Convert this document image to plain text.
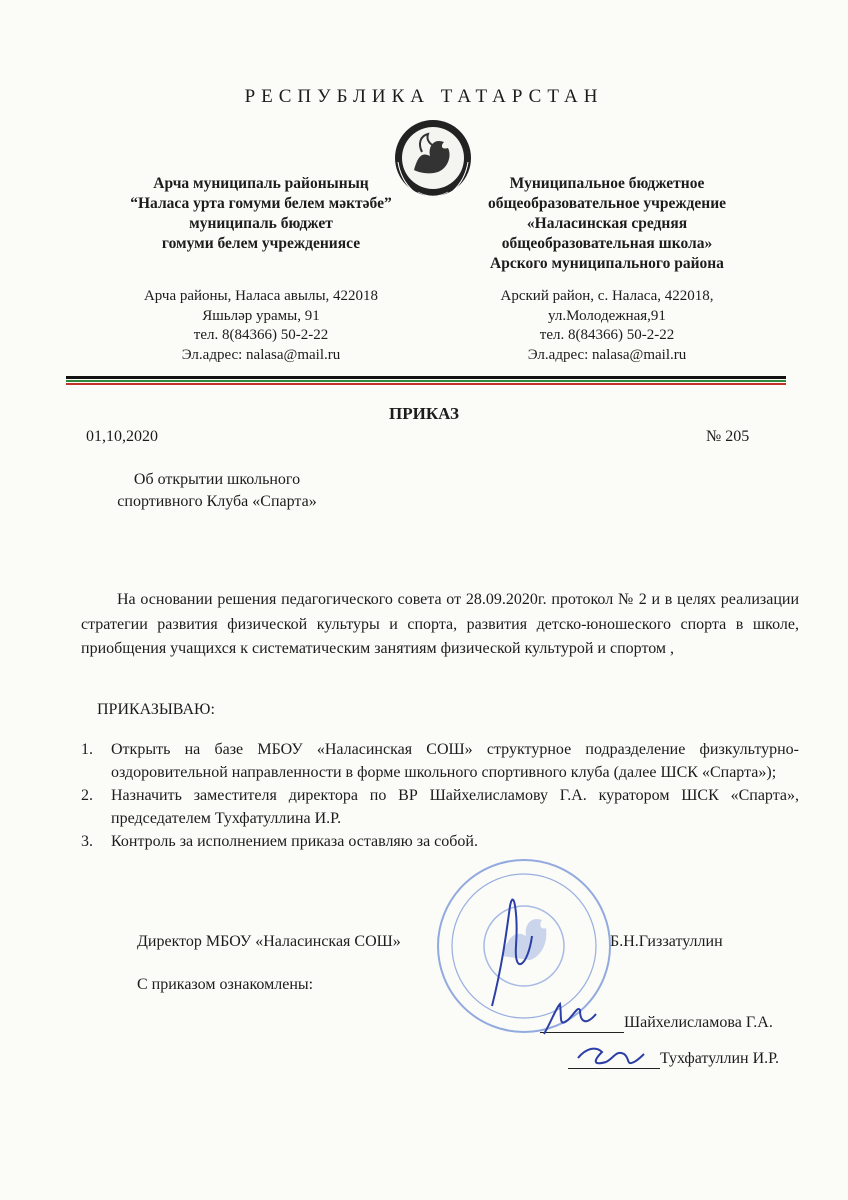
РЕСПУБЛИКА ТАТАРСТАН
Арча муниципаль районының
“Наласа урта гомуми белем мәктәбе”
муниципаль бюджет
гомуми белем учреждениясе
Муниципальное бюджетное
общеобразовательное учреждение
«Наласинская средняя
общеобразовательная школа»
Арского муниципального района
Арча районы, Наласа авылы, 422018
Яшьләр урамы, 91
тел. 8(84366) 50-2-22
Эл.адрес: nalasa@mail.ru
Арский район, с. Наласа, 422018,
ул.Молодежная,91
тел. 8(84366) 50-2-22
Эл.адрес: nalasa@mail.ru
ПРИКАЗ
01,10,2020	№ 205
Об открытии школьного
спортивного Клуба «Спарта»
На основании решения педагогического совета от 28.09.2020г. протокол № 2 и в целях реализации стратегии развития физической культуры и спорта, развития детско-юношеского спорта в школе, приобщения учащихся к систематическим занятиям физической культурой и спортом ,
ПРИКАЗЫВАЮ:
1.	Открыть на базе МБОУ «Наласинская СОШ» структурное подразделение физкультурно-оздоровительной направленности в форме школьного спортивного клуба (далее ШСК «Спарта»);
2.	Назначить заместителя директора по ВР Шайхелисламову Г.А. куратором ШСК «Спарта», председателем Тухфатуллина И.Р.
3.	Контроль за исполнением приказа оставляю за собой.
Директор МБОУ «Наласинская СОШ»	Б.Н.Гиззатуллин
С приказом ознакомлены:
Шайхелисламова Г.А.
Тухфатуллин И.Р.
